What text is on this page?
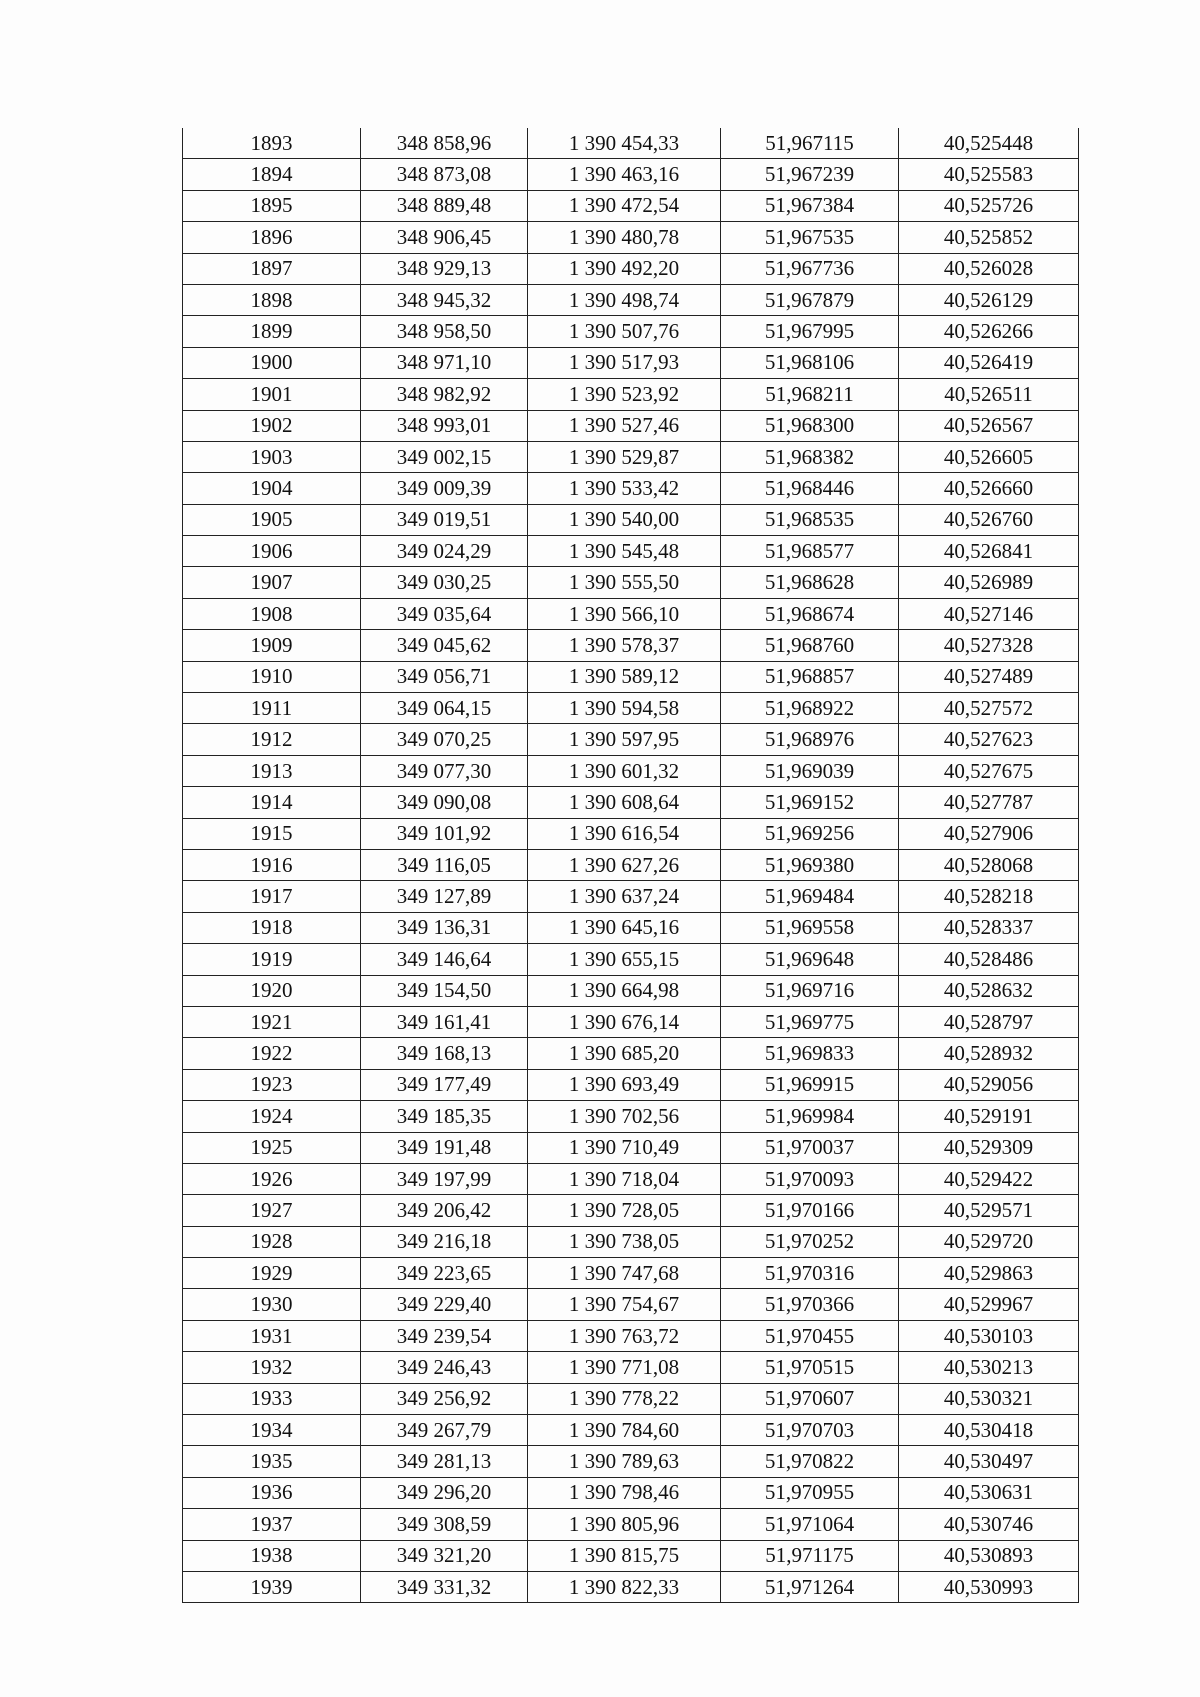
1893	348 858,96	1 390 454,33	51,967115	40,525448
1894	348 873,08	1 390 463,16	51,967239	40,525583
1895	348 889,48	1 390 472,54	51,967384	40,525726
1896	348 906,45	1 390 480,78	51,967535	40,525852
1897	348 929,13	1 390 492,20	51,967736	40,526028
1898	348 945,32	1 390 498,74	51,967879	40,526129
1899	348 958,50	1 390 507,76	51,967995	40,526266
1900	348 971,10	1 390 517,93	51,968106	40,526419
1901	348 982,92	1 390 523,92	51,968211	40,526511
1902	348 993,01	1 390 527,46	51,968300	40,526567
1903	349 002,15	1 390 529,87	51,968382	40,526605
1904	349 009,39	1 390 533,42	51,968446	40,526660
1905	349 019,51	1 390 540,00	51,968535	40,526760
1906	349 024,29	1 390 545,48	51,968577	40,526841
1907	349 030,25	1 390 555,50	51,968628	40,526989
1908	349 035,64	1 390 566,10	51,968674	40,527146
1909	349 045,62	1 390 578,37	51,968760	40,527328
1910	349 056,71	1 390 589,12	51,968857	40,527489
1911	349 064,15	1 390 594,58	51,968922	40,527572
1912	349 070,25	1 390 597,95	51,968976	40,527623
1913	349 077,30	1 390 601,32	51,969039	40,527675
1914	349 090,08	1 390 608,64	51,969152	40,527787
1915	349 101,92	1 390 616,54	51,969256	40,527906
1916	349 116,05	1 390 627,26	51,969380	40,528068
1917	349 127,89	1 390 637,24	51,969484	40,528218
1918	349 136,31	1 390 645,16	51,969558	40,528337
1919	349 146,64	1 390 655,15	51,969648	40,528486
1920	349 154,50	1 390 664,98	51,969716	40,528632
1921	349 161,41	1 390 676,14	51,969775	40,528797
1922	349 168,13	1 390 685,20	51,969833	40,528932
1923	349 177,49	1 390 693,49	51,969915	40,529056
1924	349 185,35	1 390 702,56	51,969984	40,529191
1925	349 191,48	1 390 710,49	51,970037	40,529309
1926	349 197,99	1 390 718,04	51,970093	40,529422
1927	349 206,42	1 390 728,05	51,970166	40,529571
1928	349 216,18	1 390 738,05	51,970252	40,529720
1929	349 223,65	1 390 747,68	51,970316	40,529863
1930	349 229,40	1 390 754,67	51,970366	40,529967
1931	349 239,54	1 390 763,72	51,970455	40,530103
1932	349 246,43	1 390 771,08	51,970515	40,530213
1933	349 256,92	1 390 778,22	51,970607	40,530321
1934	349 267,79	1 390 784,60	51,970703	40,530418
1935	349 281,13	1 390 789,63	51,970822	40,530497
1936	349 296,20	1 390 798,46	51,970955	40,530631
1937	349 308,59	1 390 805,96	51,971064	40,530746
1938	349 321,20	1 390 815,75	51,971175	40,530893
1939	349 331,32	1 390 822,33	51,971264	40,530993
